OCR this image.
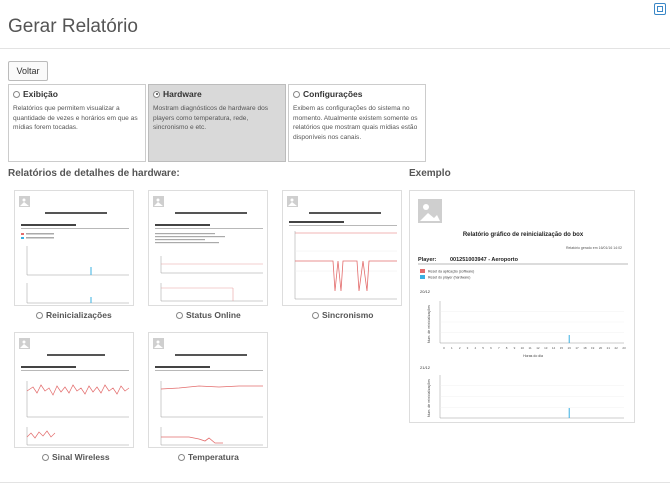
Gerar Relatório
Voltar
Exibição
Relatórios que permitem visualizar a quantidade de vezes e horários em que as mídias forem tocadas.
Hardware
Mostram diagnósticos de hardware dos players como temperatura, rede, sincronismo e etc.
Configurações
Exibem as configurações do sistema no momento. Atualmente existem somente os relatórios que mostram quais mídias estão disponíveis nos canais.
Relatórios de detalhes de hardware:	Exemplo
Reinicializações	Status Online	Sincronismo
Sinal Wireless	Temperatura
Relatório gráfico de reinicialização do box
Relatório gerado em 16/01/16 14:02
Player: 001251003947 - Aeroporto
Reset da aplicação (software)
Reset do player (hardware)
20/12
Num. de reinicializações
0 1 2 3 4 5 6 7 8 9 10 11 12 13 14 15 16 17 18 19 20 21 22 23
Horas do dia
21/12
Num. de reinicializações
